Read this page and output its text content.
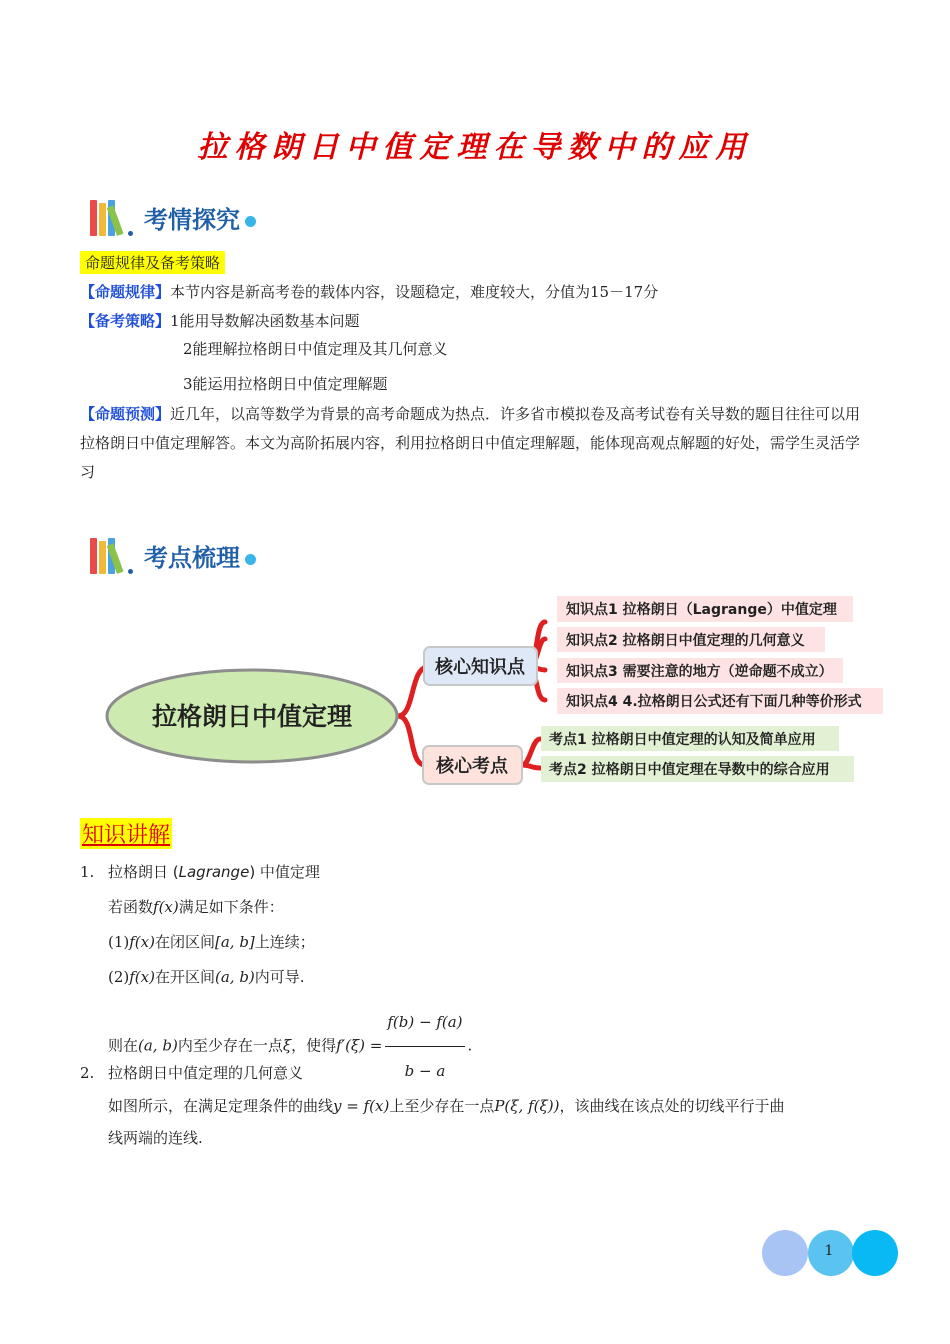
拉格朗日中值定理在导数中的应用
考情探究
命题规律及备考策略
【命题规律】本节内容是新高考卷的载体内容，设题稳定，难度较大，分值为15－17分
【备考策略】1能用导数解决函数基本问题
2能理解拉格朗日中值定理及其几何意义
3能运用拉格朗日中值定理解题
【命题预测】近几年，以高等数学为背景的高考命题成为热点．许多省市模拟卷及高考试卷有关导数的题目往往可以用拉格朗日中值定理解答。本文为高阶拓展内容，利用拉格朗日中值定理解题，能体现高观点解题的好处，需学生灵活学习
考点梳理
拉格朗日中值定理
核心知识点
核心考点
知识点1 拉格朗日（Lagrange）中值定理
知识点2 拉格朗日中值定理的几何意义
知识点3 需要注意的地方（逆命题不成立）
知识点4 4.拉格朗日公式还有下面几种等价形式
考点1 拉格朗日中值定理的认知及简单应用
考点2 拉格朗日中值定理在导数中的综合应用
知识讲解
1. 拉格朗日 (Lagrange) 中值定理
若函数f(x)满足如下条件：
(1)f(x)在闭区间[a, b]上连续；
(2)f(x)在开区间(a, b)内可导.
则在(a, b)内至少存在一点ξ，使得$f'(\xi) = \frac{f(b) - f(a)}{b - a}$ .
2. 拉格朗日中值定理的几何意义
如图所示，在满足定理条件的曲线y = f(x)上至少存在一点P(ξ, f(ξ))，该曲线在该点处的切线平行于曲
线两端的连线.
1
